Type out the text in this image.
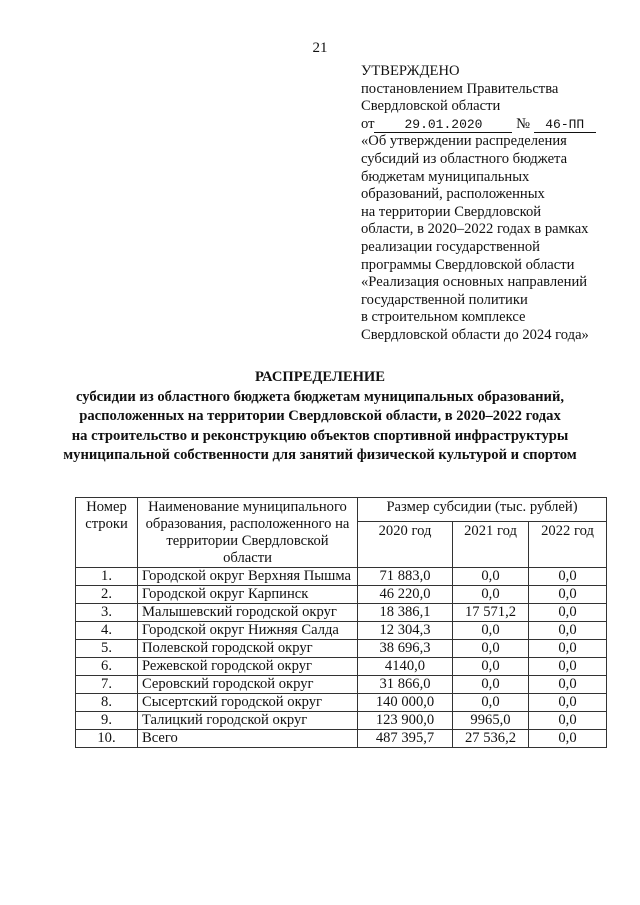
21
УТВЕРЖДЕНО
постановлением Правительства
Свердловской области
от 29.01.2020 № 46-ПП
«Об утверждении распределения
субсидий из областного бюджета
бюджетам муниципальных
образований, расположенных
на территории Свердловской
области, в 2020–2022 годах в рамках
реализации государственной
программы Свердловской области
«Реализация основных направлений
государственной политики
в строительном комплексе
Свердловской области до 2024 года»
РАСПРЕДЕЛЕНИЕ
субсидии из областного бюджета бюджетам муниципальных образований,
расположенных на территории Свердловской области, в 2020–2022 годах
на строительство и реконструкцию объектов спортивной инфраструктуры
муниципальной собственности для занятий физической культурой и спортом
Номер строки	Наименование муниципального образования, расположенного на территории Свердловской области	Размер субсидии (тыс. рублей)		
		2020 год	2021 год	2022 год
1.	Городской округ Верхняя Пышма	71 883,0	0,0	0,0
2.	Городской округ Карпинск	46 220,0	0,0	0,0
3.	Малышевский городской округ	18 386,1	17 571,2	0,0
4.	Городской округ Нижняя Салда	12 304,3	0,0	0,0
5.	Полевской городской округ	38 696,3	0,0	0,0
6.	Режевской городской округ	4140,0	0,0	0,0
7.	Серовский городской округ	31 866,0	0,0	0,0
8.	Сысертский городской округ	140 000,0	0,0	0,0
9.	Талицкий городской округ	123 900,0	9965,0	0,0
10.	Всего	487 395,7	27 536,2	0,0
